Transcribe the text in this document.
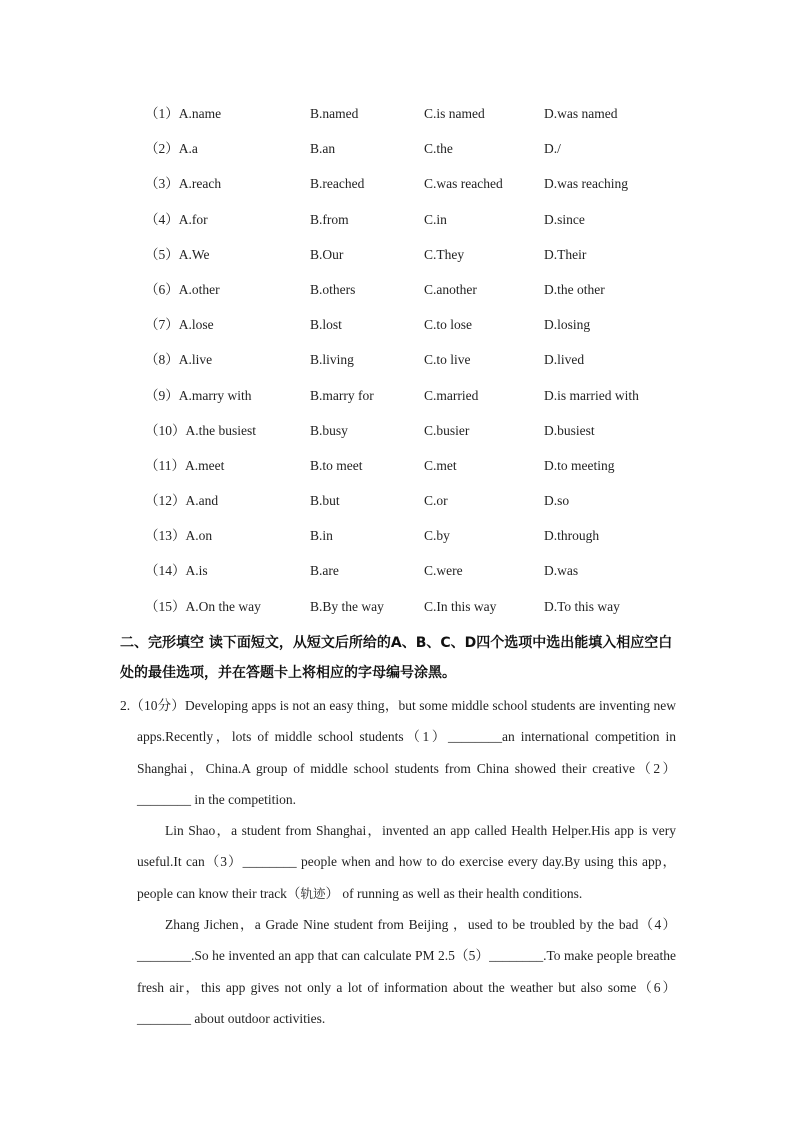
（1）A.name	B.named	C.is named	D.was named
（2）A.a	B.an	C.the	D./
（3）A.reach	B.reached	C.was reached	D.was reaching
（4）A.for	B.from	C.in	D.since
（5）A.We	B.Our	C.They	D.Their
（6）A.other	B.others	C.another	D.the other
（7）A.lose	B.lost	C.to lose	D.losing
（8）A.live	B.living	C.to live	D.lived
（9）A.marry with	B.marry for	C.married	D.is married with
（10）A.the busiest	B.busy	C.busier	D.busiest
（11）A.meet	B.to meet	C.met	D.to meeting
（12）A.and	B.but	C.or	D.so
（13）A.on	B.in	C.by	D.through
（14）A.is	B.are	C.were	D.was
（15）A.On the way	B.By the way	C.In this way	D.To this way
二、完形填空 读下面短文，从短文后所给的A、B、C、D四个选项中选出能填入相应空白处的最佳选项，并在答题卡上将相应的字母编号涂黑。

2.（10分）Developing apps is not an easy thing，but some middle school students are inventing new apps.Recently，lots of middle school students（1）________an international competition in Shanghai，China.A group of middle school students from China showed their creative（2）________ in the competition.

Lin Shao，a student from Shanghai，invented an app called Health Helper.His app is very useful.It can（3）________ people when and how to do exercise every day.By using this app，people can know their track（轨迹） of running as well as their health conditions.

Zhang Jichen，a Grade Nine student from Beijing ，used to be troubled by the bad（4）________.So he invented an app that can calculate PM 2.5（5）________.To make people breathe fresh air，this app gives not only a lot of information about the weather but also some（6）________ about outdoor activities.
